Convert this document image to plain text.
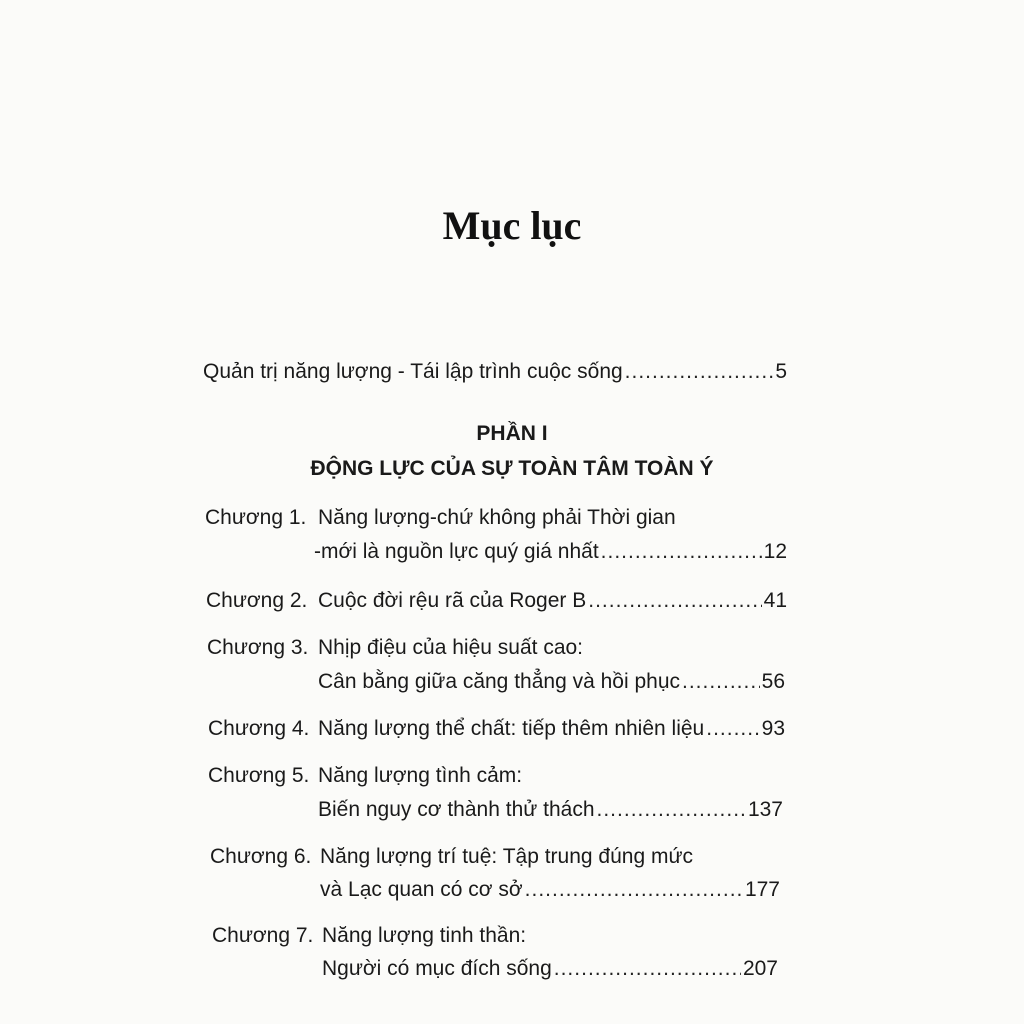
Mục lục
Quản trị năng lượng - Tái lập trình cuộc sống .....	5
PHẦN I
ĐỘNG LỰC CỦA SỰ TOÀN TÂM TOÀN Ý
Chương 1. Năng lượng-chứ không phải Thời gian
-mới là nguồn lực quý giá nhất .....	12
Chương 2. Cuộc đời rệu rã của Roger B .....	41
Chương 3. Nhịp điệu của hiệu suất cao:
Cân bằng giữa căng thẳng và hồi phục .....	56
Chương 4. Năng lượng thể chất: tiếp thêm nhiên liệu .....	93
Chương 5. Năng lượng tình cảm:
Biến nguy cơ thành thử thách .....	137
Chương 6. Năng lượng trí tuệ: Tập trung đúng mức
và Lạc quan có cơ sở .....	177
Chương 7. Năng lượng tinh thần:
Người có mục đích sống .....	207
